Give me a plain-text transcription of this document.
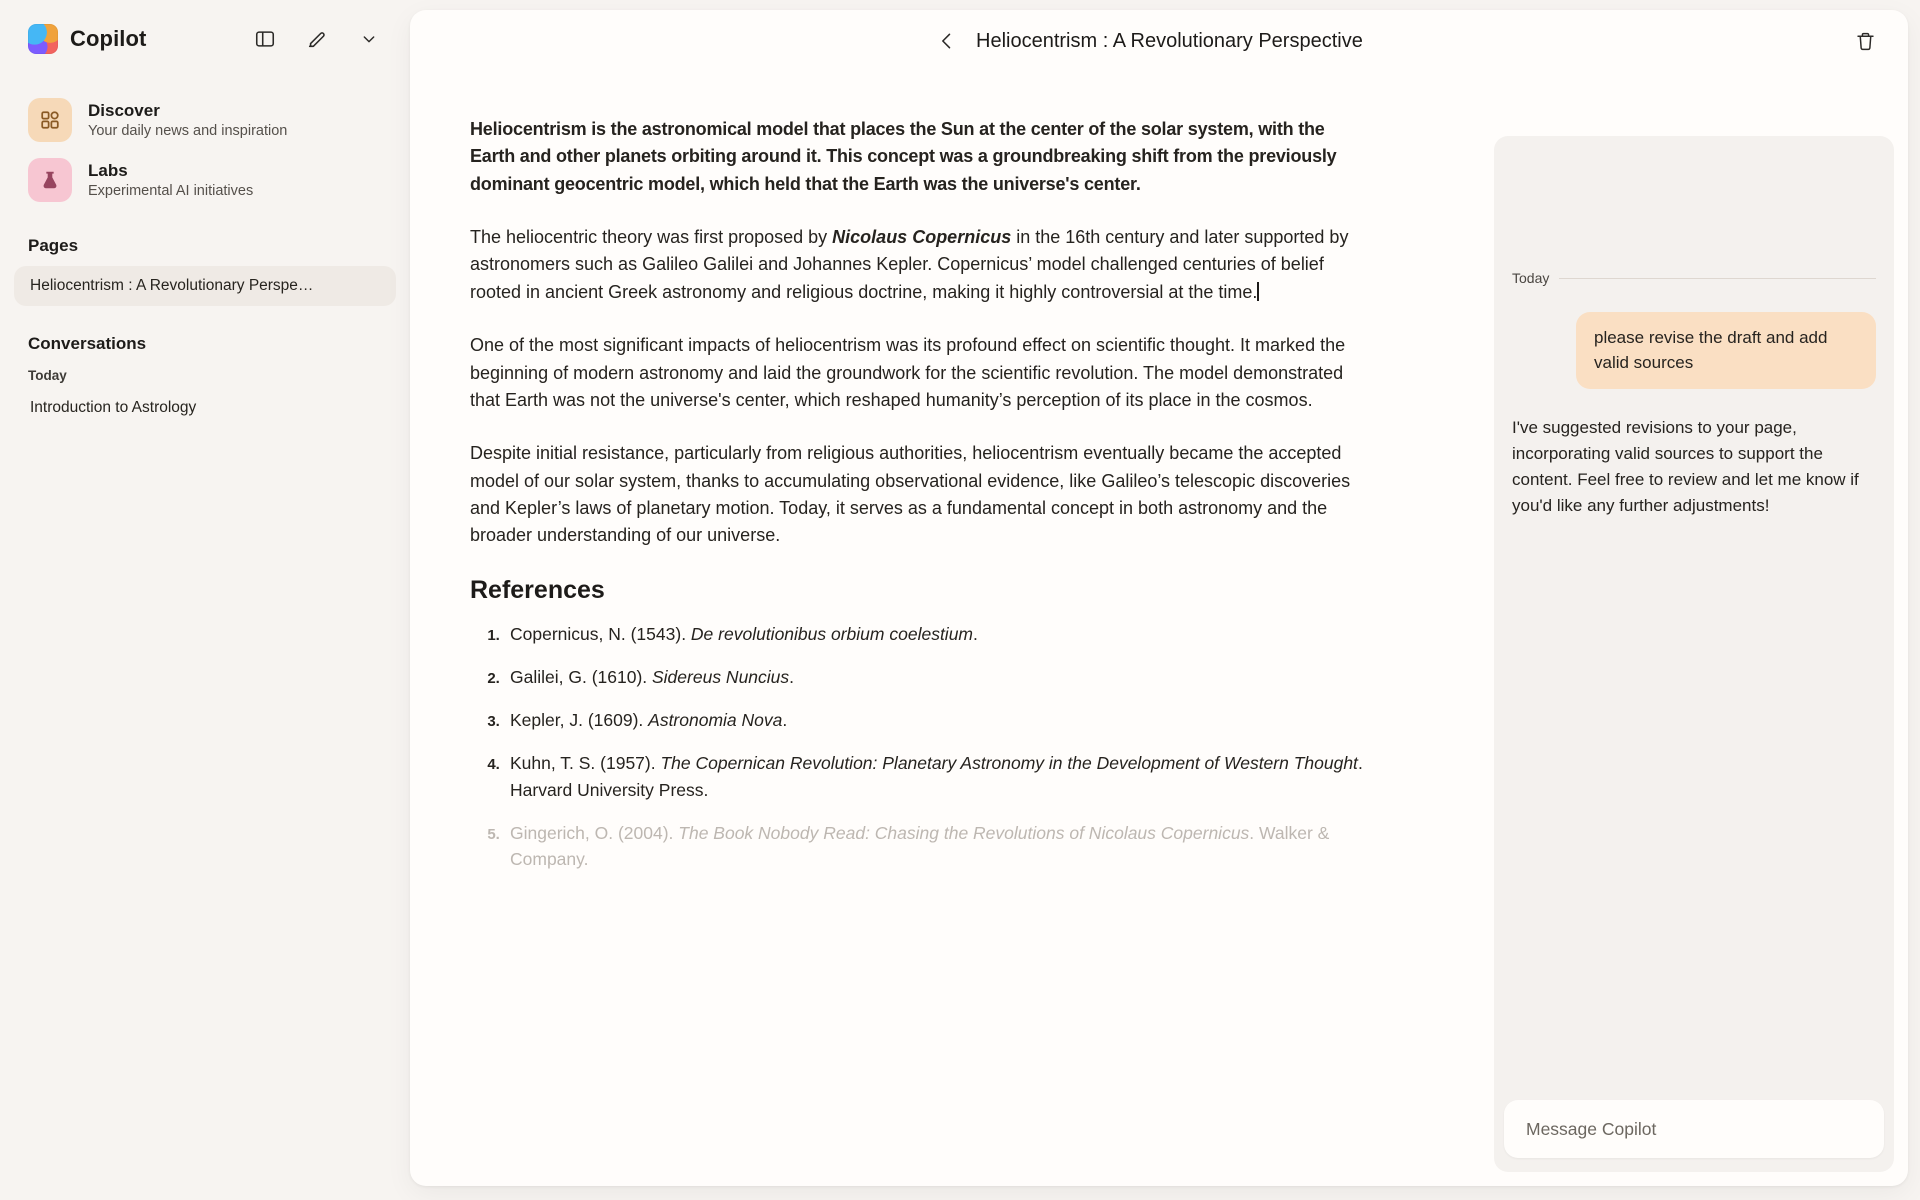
Copilot
Discover
Your daily news and inspiration
Labs
Experimental AI initiatives
Pages
Heliocentrism : A Revolutionary Perspe…
Conversations
Today
Introduction to Astrology
Heliocentrism : A Revolutionary Perspective

Heliocentrism is the astronomical model that places the Sun at the center of the solar system, with the Earth and other planets orbiting around it. This concept was a groundbreaking shift from the previously dominant geocentric model, which held that the Earth was the universe's center.

The heliocentric theory was first proposed by Nicolaus Copernicus in the 16th century and later supported by astronomers such as Galileo Galilei and Johannes Kepler. Copernicus’ model challenged centuries of belief rooted in ancient Greek astronomy and religious doctrine, making it highly controversial at the time.

One of the most significant impacts of heliocentrism was its profound effect on scientific thought. It marked the beginning of modern astronomy and laid the groundwork for the scientific revolution. The model demonstrated that Earth was not the universe's center, which reshaped humanity’s perception of its place in the cosmos.

Despite initial resistance, particularly from religious authorities, heliocentrism eventually became the accepted model of our solar system, thanks to accumulating observational evidence, like Galileo’s telescopic discoveries and Kepler’s laws of planetary motion. Today, it serves as a fundamental concept in both astronomy and the broader understanding of our universe.

References
1. Copernicus, N. (1543). De revolutionibus orbium coelestium.
2. Galilei, G. (1610). Sidereus Nuncius.
3. Kepler, J. (1609). Astronomia Nova.
4. Kuhn, T. S. (1957). The Copernican Revolution: Planetary Astronomy in the Development of Western Thought. Harvard University Press.
5. Gingerich, O. (2004). The Book Nobody Read: Chasing the Revolutions of Nicolaus Copernicus. Walker & Company.
Today
please revise the draft and add valid sources
I've suggested revisions to your page, incorporating valid sources to support the content. Feel free to review and let me know if you'd like any further adjustments!
Message Copilot
